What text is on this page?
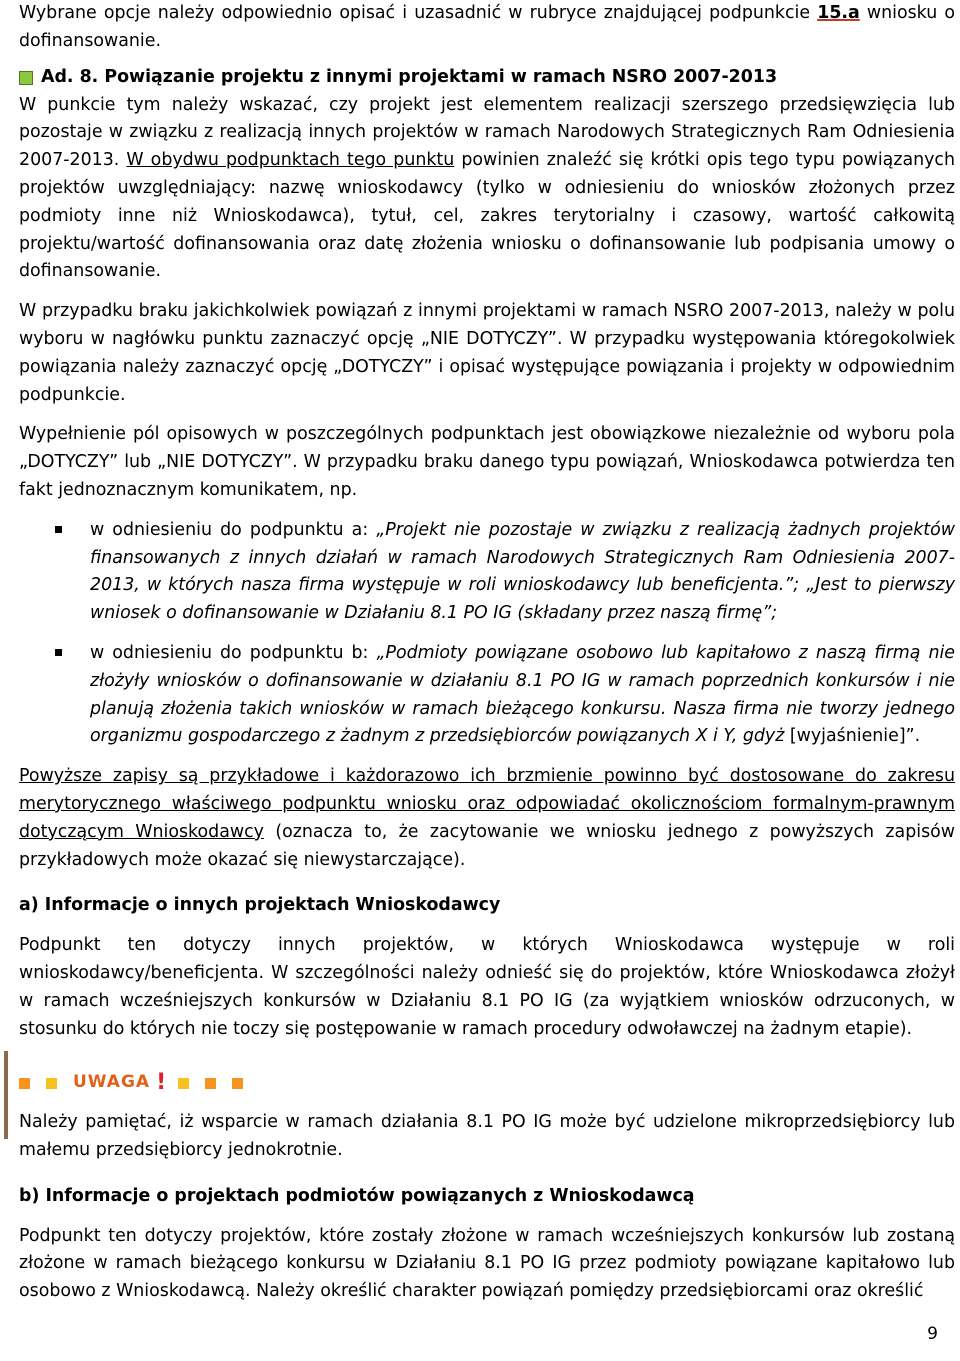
Wybrane opcje należy odpowiednio opisać i uzasadnić w rubryce znajdującej podpunkcie 15.a wniosku o dofinansowanie.

Ad. 8. Powiązanie projektu z innymi projektami w ramach NSRO 2007-2013

W punkcie tym należy wskazać, czy projekt jest elementem realizacji szerszego przedsięwzięcia lub pozostaje w związku z realizacją innych projektów w ramach Narodowych Strategicznych Ram Odniesienia 2007-2013. W obydwu podpunktach tego punktu powinien znaleźć się krótki opis tego typu powiązanych projektów uwzględniający: nazwę wnioskodawcy (tylko w odniesieniu do wniosków złożonych przez podmioty inne niż Wnioskodawca), tytuł, cel, zakres terytorialny i czasowy, wartość całkowitą projektu/wartość dofinansowania oraz datę złożenia wniosku o dofinansowanie lub podpisania umowy o dofinansowanie.

W przypadku braku jakichkolwiek powiązań z innymi projektami w ramach NSRO 2007-2013, należy w polu wyboru w nagłówku punktu zaznaczyć opcję „NIE DOTYCZY”. W przypadku występowania któregokolwiek powiązania należy zaznaczyć opcję „DOTYCZY” i opisać występujące powiązania i projekty w odpowiednim podpunkcie.

Wypełnienie pól opisowych w poszczególnych podpunktach jest obowiązkowe niezależnie od wyboru pola „DOTYCZY” lub „NIE DOTYCZY”. W przypadku braku danego typu powiązań, Wnioskodawca potwierdza ten fakt jednoznacznym komunikatem, np.

w odniesieniu do podpunktu a: „Projekt nie pozostaje w związku z realizacją żadnych projektów finansowanych z innych działań w ramach Narodowych Strategicznych Ram Odniesienia 2007-2013, w których nasza firma występuje w roli wnioskodawcy lub beneficjenta.”; „Jest to pierwszy wniosek o dofinansowanie w Działaniu 8.1 PO IG (składany przez naszą firmę”;
w odniesieniu do podpunktu b: „Podmioty powiązane osobowo lub kapitałowo z naszą firmą nie złożyły wniosków o dofinansowanie w działaniu 8.1 PO IG w ramach poprzednich konkursów i nie planują złożenia takich wniosków w ramach bieżącego konkursu. Nasza firma nie tworzy jednego organizmu gospodarczego z żadnym z przedsiębiorców powiązanych X i Y, gdyż [wyjaśnienie]”.

Powyższe zapisy są przykładowe i każdorazowo ich brzmienie powinno być dostosowane do zakresu merytorycznego właściwego podpunktu wniosku oraz odpowiadać okolicznościom formalnym-prawnym dotyczącym Wnioskodawcy (oznacza to, że zacytowanie we wniosku jednego z powyższych zapisów przykładowych może okazać się niewystarczające).

a) Informacje o innych projektach Wnioskodawcy

Podpunkt ten dotyczy innych projektów, w których Wnioskodawca występuje w roli wnioskodawcy/beneficjenta. W szczególności należy odnieść się do projektów, które Wnioskodawca złożył w ramach wcześniejszych konkursów w Działaniu 8.1 PO IG (za wyjątkiem wniosków odrzuconych, w stosunku do których nie toczy się postępowanie w ramach procedury odwoławczej na żadnym etapie).

UWAGA !

Należy pamiętać, iż wsparcie w ramach działania 8.1 PO IG może być udzielone mikroprzedsiębiorcy lub małemu przedsiębiorcy jednokrotnie.

b) Informacje o projektach podmiotów powiązanych z Wnioskodawcą

Podpunkt ten dotyczy projektów, które zostały złożone w ramach wcześniejszych konkursów lub zostaną złożone w ramach bieżącego konkursu w Działaniu 8.1 PO IG przez podmioty powiązane kapitałowo lub osobowo z Wnioskodawcą. Należy określić charakter powiązań pomiędzy przedsiębiorcami oraz określić

9
